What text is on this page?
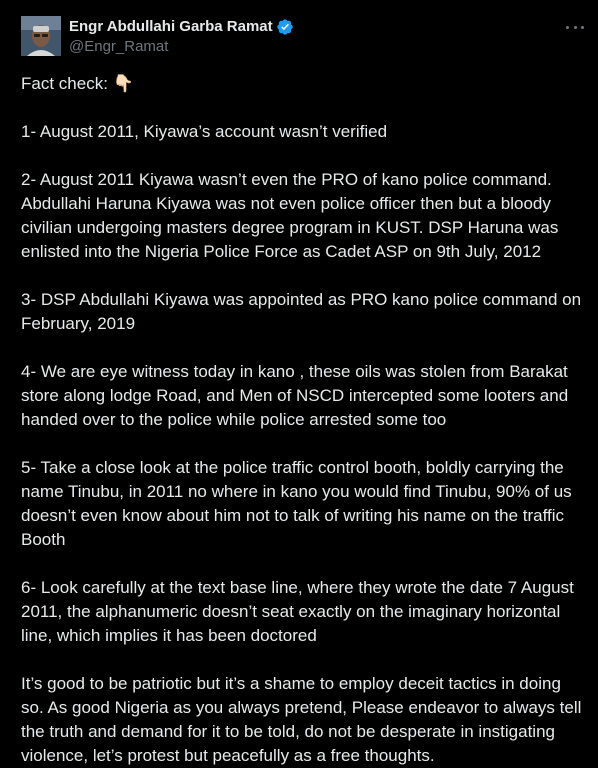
Engr Abdullahi Garba Ramat
@Engr_Ramat

Fact check: 👇🏻

1- August 2011, Kiyawa’s account wasn’t verified

2- August 2011 Kiyawa wasn’t even the PRO of kano police command. Abdullahi Haruna Kiyawa was not even police officer then but a bloody civilian undergoing masters degree program in KUST. DSP Haruna was enlisted into the Nigeria Police Force as Cadet ASP on 9th July, 2012

3- DSP Abdullahi Kiyawa was appointed as PRO kano police command on February, 2019

4- We are eye witness today in kano , these oils was stolen from Barakat store along lodge Road, and Men of NSCD intercepted some looters and handed over to the police while police arrested some too

5- Take a close look at the police traffic control booth, boldly carrying the name Tinubu, in 2011 no where in kano you would find Tinubu, 90% of us doesn’t even know about him not to talk of writing his name on the traffic Booth

6- Look carefully at the text base line, where they wrote the date 7 August 2011, the alphanumeric doesn’t seat exactly on the imaginary horizontal line, which implies it has been doctored

It’s good to be patriotic but it’s a shame to employ deceit tactics in doing so. As good Nigeria as you always pretend, Please endeavor to always tell the truth and demand for it to be told, do not be desperate in instigating violence, let’s protest but peacefully as a free thoughts.
